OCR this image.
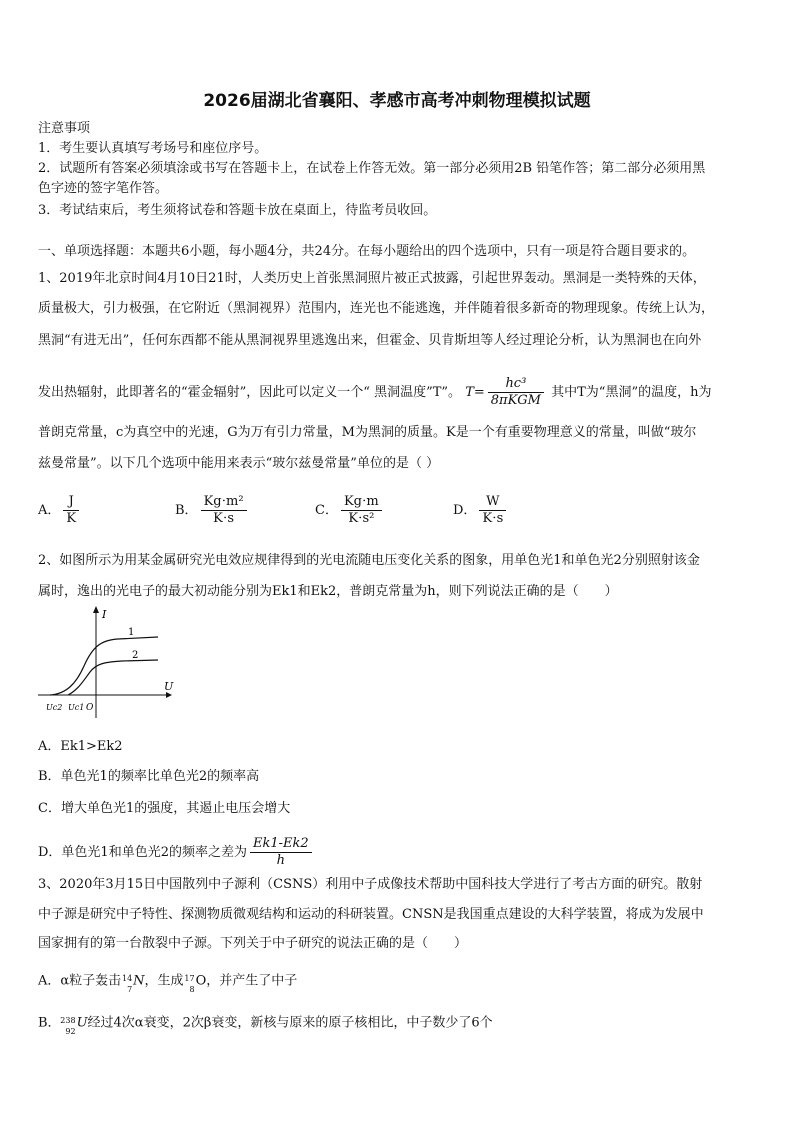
2026届湖北省襄阳、孝感市高考冲刺物理模拟试题
注意事项
1．考生要认真填写考场号和座位序号。
2．试题所有答案必须填涂或书写在答题卡上，在试卷上作答无效。第一部分必须用2B 铅笔作答；第二部分必须用黑
色字迹的签字笔作答。
3．考试结束后，考生须将试卷和答题卡放在桌面上，待监考员收回。
一、单项选择题：本题共6小题，每小题4分，共24分。在每小题给出的四个选项中，只有一项是符合题目要求的。
1、2019年北京时间4月10日21时，人类历史上首张黑洞照片被正式披露，引起世界轰动。黑洞是一类特殊的天体，
质量极大，引力极强，在它附近（黑洞视界）范围内，连光也不能逃逸，并伴随着很多新奇的物理现象。传统上认为，
黑洞“有进无出”，任何东西都不能从黑洞视界里逃逸出来，但霍金、贝肯斯坦等人经过理论分析，认为黑洞也在向外
发出热辐射，此即著名的“霍金辐射”，因此可以定义一个“ 黑洞温度”T”。 $T= \frac{\text{hc³}}{\text{8πKGM}}$ 其中T为“黑洞”的温度，h为
普朗克常量，c为真空中的光速，G为万有引力常量，M为黑洞的质量。K是一个有重要物理意义的常量，叫做“玻尔
兹曼常量”。以下几个选项中能用来表示“玻尔兹曼常量”单位的是（ ）
A． $\frac{J}{K}$	B． $\frac{\text{Kg⋅m²}}{K\cdot s}$	C． $\frac{Kg\cdot m}{\text{K⋅s²}}$	D． $\frac{W}{K\cdot s}$
2、如图所示为用某金属研究光电效应规律得到的光电流随电压变化关系的图象，用单色光1和单色光2分别照射该金
属时，逸出的光电子的最大初动能分别为Ek1和Ek2，普朗克常量为h，则下列说法正确的是（　　）
I
U
1
2
Uc2 Uc1 O
A．Ek1>Ek2
B．单色光1的频率比单色光2的频率高
C．增大单色光1的强度，其遏止电压会增大
D．单色光1和单色光2的频率之差为 $\frac{Ek1-Ek2}{h}$
3、2020年3月15日中国散列中子源利（CSNS）利用中子成像技术帮助中国科技大学进行了考古方面的研究。散射
中子源是研究中子特性、探测物质微观结构和运动的科研装置。CNSN是我国重点建设的大科学装置，将成为发展中
国家拥有的第一台散裂中子源。下列关于中子研究的说法正确的是（　　）
A．α粒子轰击 14
7
N，生成 17
8
O，并产生了中子
B． 238
92
U经过4次α衰变，2次β衰变，新核与原来的原子核相比，中子数少了6个
